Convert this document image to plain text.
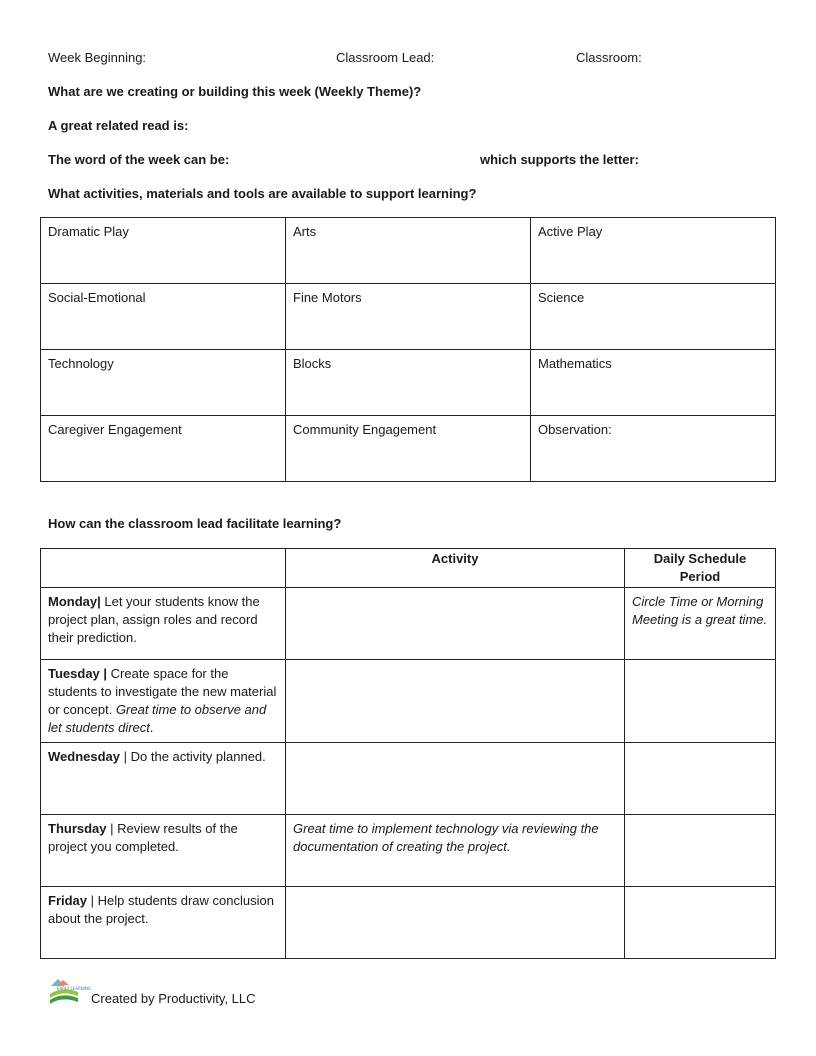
Week Beginning:	Classroom Lead:	Classroom:
What are we creating or building this week (Weekly Theme)?
A great related read is:
The word of the week can be:	which supports the letter:
What activities, materials and tools are available to support learning?
Dramatic Play	Arts	Active Play
Social-Emotional	Fine Motors	Science
Technology	Blocks	Mathematics
Caregiver Engagement	Community Engagement	Observation:
How can the classroom lead facilitate learning?
	Activity	Daily Schedule Period
Monday| Let your students know the project plan, assign roles and record their prediction.		Circle Time or Morning Meeting is a great time.
Tuesday | Create space for the students to investigate the new material or concept. Great time to observe and let students direct.		
Wednesday | Do the activity planned.		
Thursday | Review results of the project you completed.	Great time to implement technology via reviewing the documentation of creating the project.	
Friday | Help students draw conclusion about the project.		
EARLY LEARNING
Created by Productivity, LLC
